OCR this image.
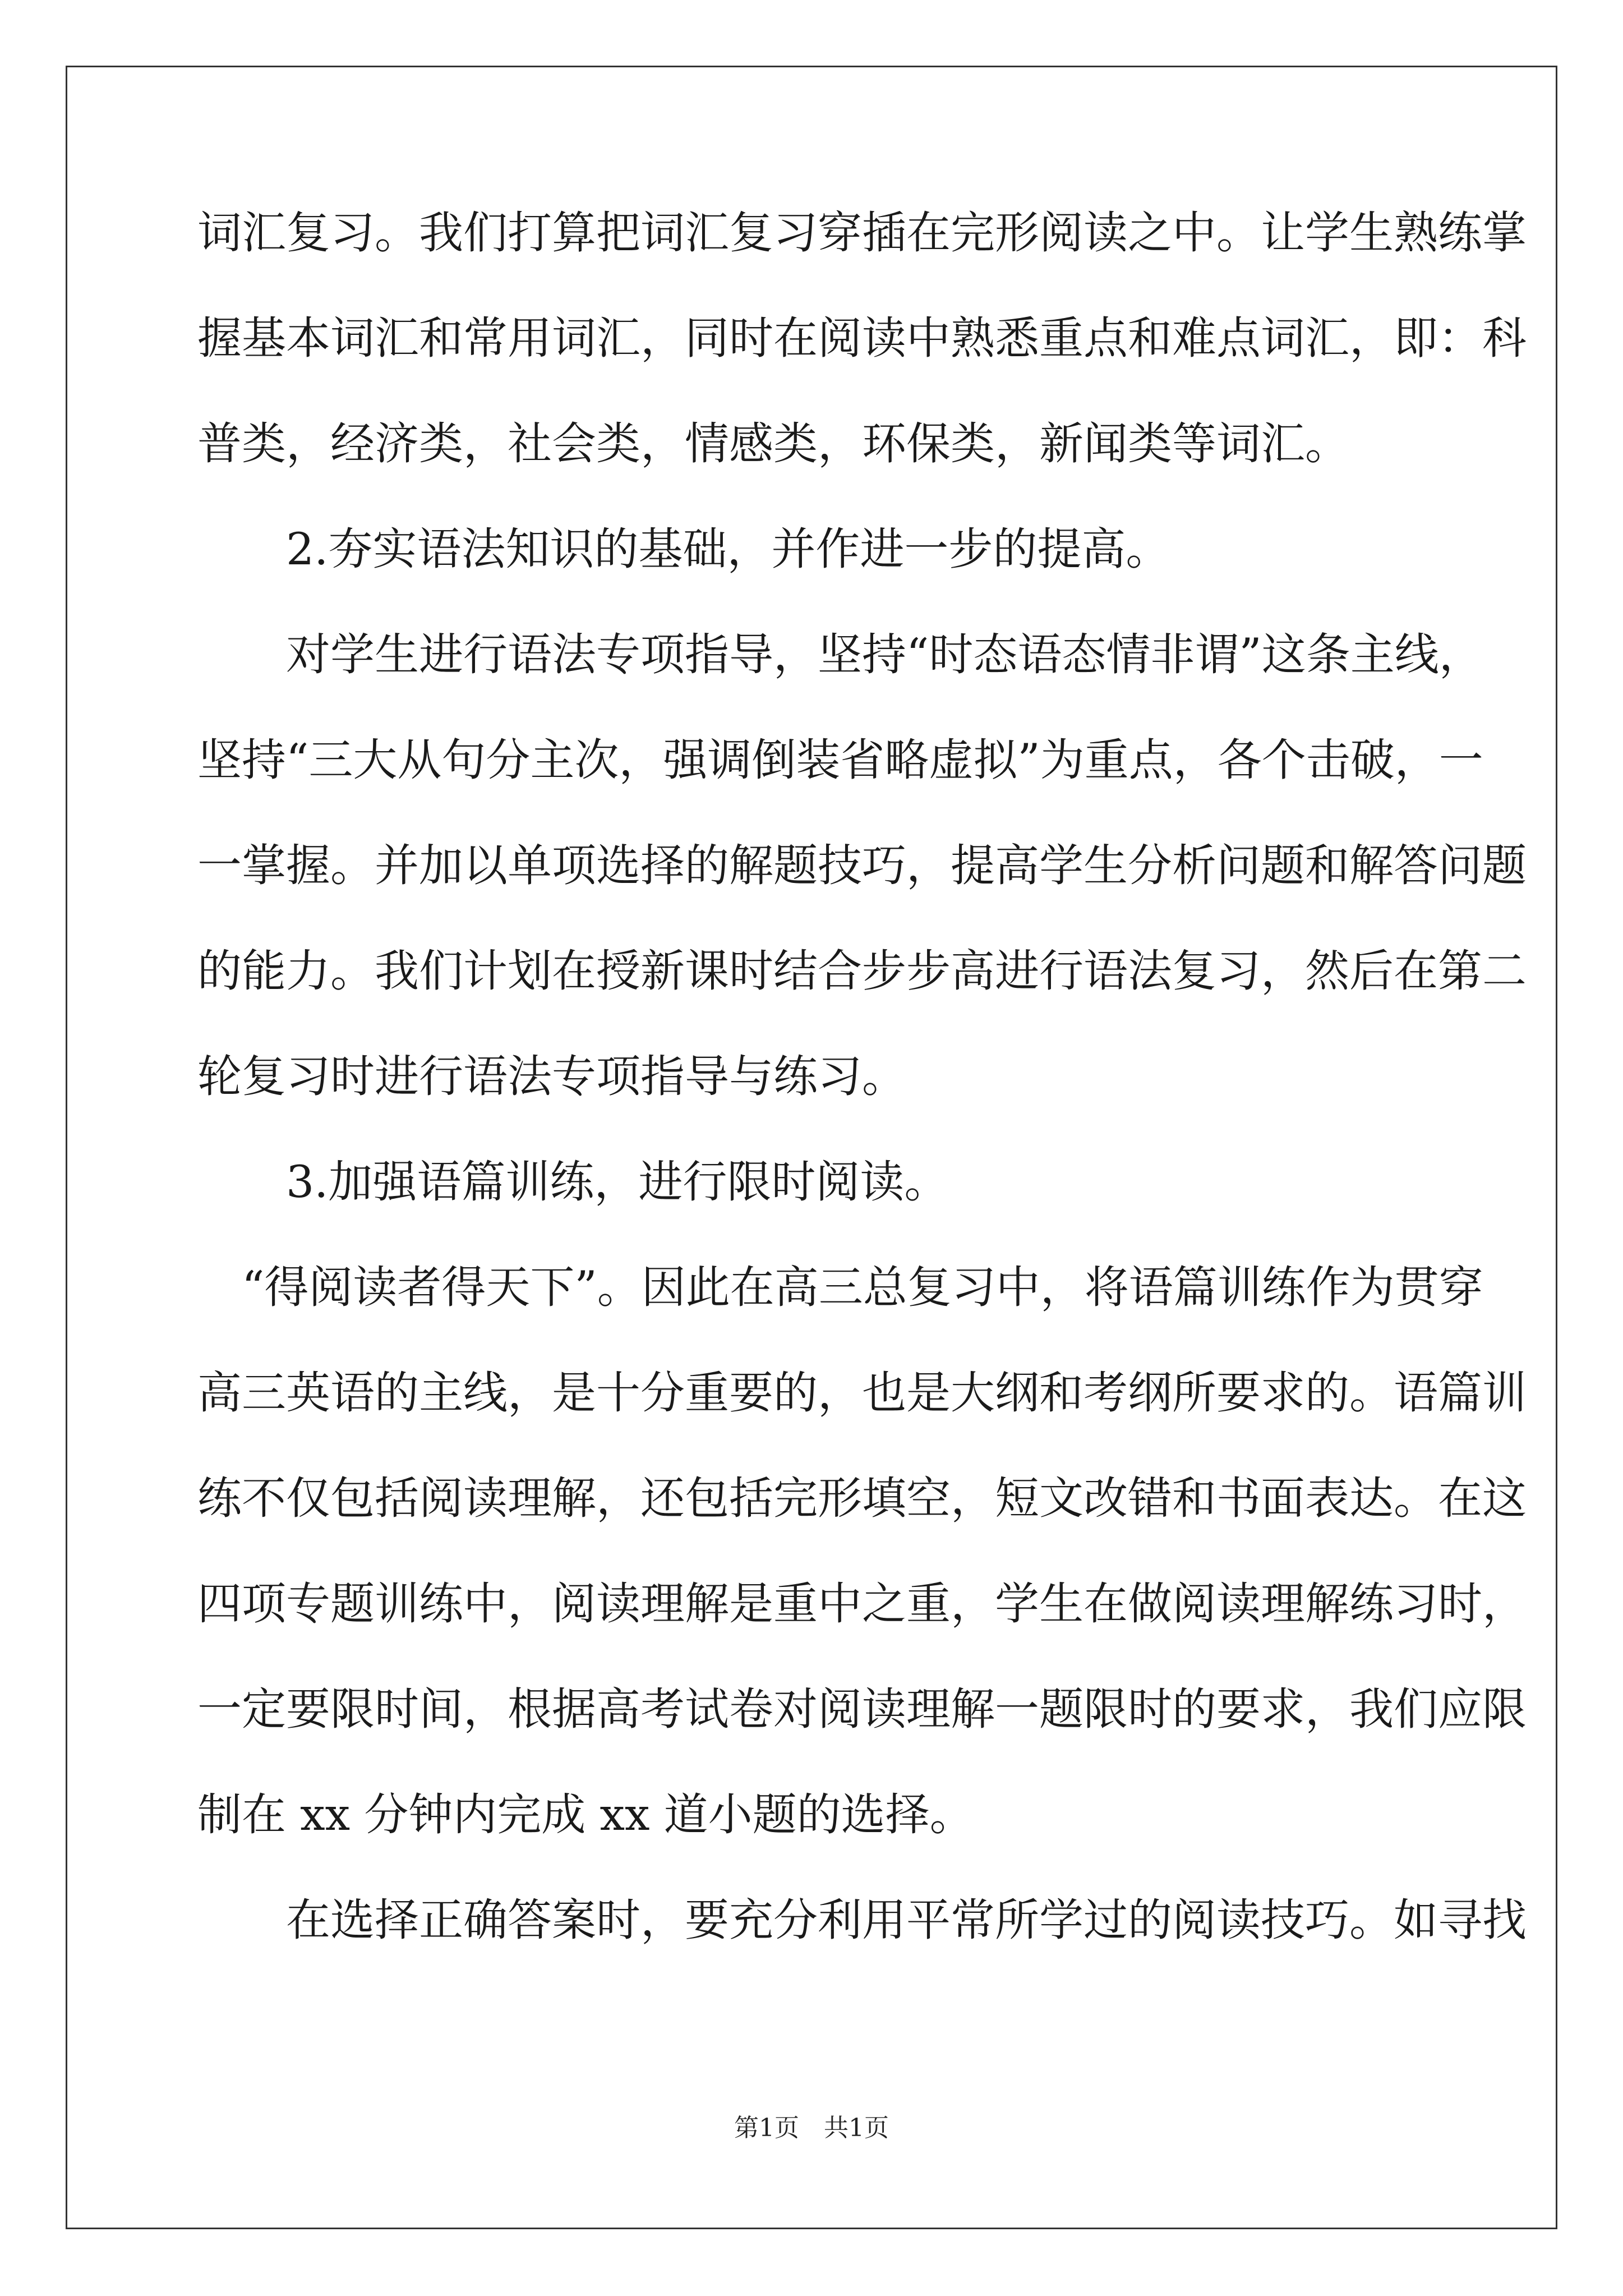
词汇复习。我们打算把词汇复习穿插在完形阅读之中。让学生熟练掌
握基本词汇和常用词汇，同时在阅读中熟悉重点和难点词汇，即：科
普类，经济类，社会类，情感类，环保类，新闻类等词汇。
　　2.夯实语法知识的基础，并作进一步的提高。
　　对学生进行语法专项指导，坚持“时态语态情非谓”这条主线，
坚持“三大从句分主次，强调倒装省略虚拟”为重点，各个击破，一
一掌握。并加以单项选择的解题技巧，提高学生分析问题和解答问题
的能力。我们计划在授新课时结合步步高进行语法复习，然后在第二
轮复习时进行语法专项指导与练习。
　　3.加强语篇训练，进行限时阅读。
　“得阅读者得天下”。因此在高三总复习中，将语篇训练作为贯穿
高三英语的主线，是十分重要的，也是大纲和考纲所要求的。语篇训
练不仅包括阅读理解，还包括完形填空，短文改错和书面表达。在这
四项专题训练中，阅读理解是重中之重，学生在做阅读理解练习时，
一定要限时间，根据高考试卷对阅读理解一题限时的要求，我们应限
制在 xx 分钟内完成 xx 道小题的选择。
　　在选择正确答案时，要充分利用平常所学过的阅读技巧。如寻找
第1页　共1页
